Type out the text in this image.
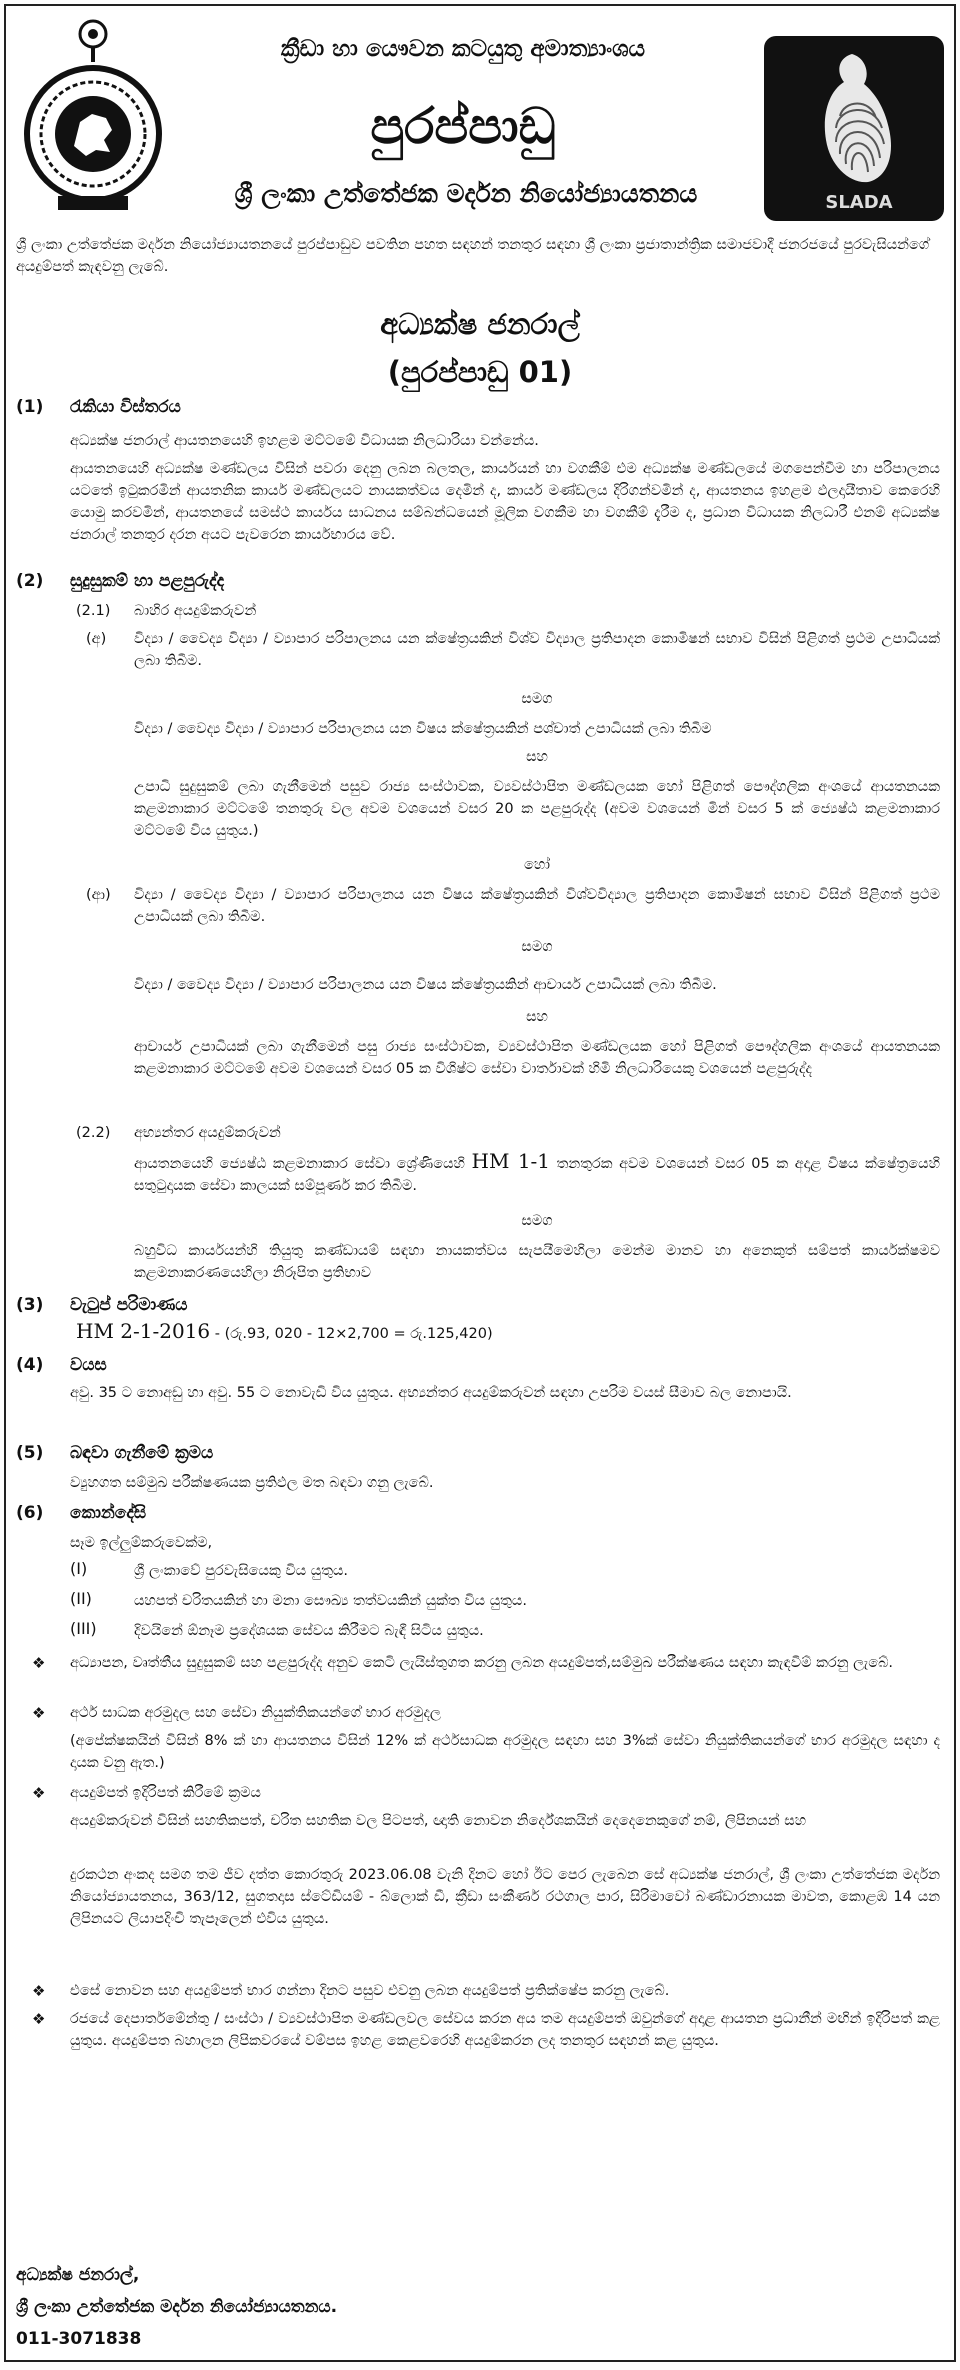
ක්‍රීඩා හා යෞවන කටයුතු අමාත්‍යාංශය
පුරප්පාඩු
ශ්‍රී ලංකා උත්තේජක මර්දන නියෝජ්‍යායතනය	SLADA
ශ්‍රී ලංකා උත්තේජක මර්දන නියෝජ්‍යායතනයේ පුරප්පාඩුව පවතින පහත සඳහන් තනතුර සඳහා ශ්‍රී ලංකා ප්‍රජාතාන්ත්‍රික සමාජවාදී ජනරජයේ පුරවැසියන්ගේ අයදුම්පත් කැඳවනු ලැබේ.
අධ්‍යක්ෂ ජනරාල්
(පුරප්පාඩු 01)
(1) රැකියා විස්තරය
අධ්‍යක්ෂ ජනරාල් ආයතනයෙහි ඉහළම මට්ටමේ විධායක නිලධාරියා වන්නේය.
ආයතනයෙහි අධ්‍යක්ෂ මණ්ඩලය විසින් පවරා දෙනු ලබන බලතල, කාර්යයන් හා වගකීම් එම අධ්‍යක්ෂ මණ්ඩලයේ මගපෙන්වීම හා පරිපාලනය යටතේ ඉටුකරමින් ආයතනික කාර්ය මණ්ඩලයට නායකත්වය දෙමින් ද, කාර්ය මණ්ඩලය දිරිගන්වමින් ද, ආයතනය ඉහළම ඵලදායීතාව කෙරෙහි යොමු කරවමින්, ආයතනයේ සමස්ථ කාර්යය සාධනය සම්බන්ධයෙන් මූලික වගකීම හා වගකීම් දැරීම ද, ප්‍රධාන විධායක නිලධාරී එනම් අධ්‍යක්ෂ ජනරාල් තනතුර දරන අයට පැවරෙන කාර්යභාරය වේ.
(2) සුදුසුකම් හා පළපුරුද්ද
(2.1) බාහිර අයදුම්කරුවන්
(අ) විද්‍යා / වෛද්‍ය විද්‍යා / ව්‍යාපාර පරිපාලනය යන ක්ෂේත්‍රයකින් විශ්ව විද්‍යාල ප්‍රතිපාදන කොමිෂන් සභාව විසින් පිළිගත් ප්‍රථම උපාධියක් ලබා තිබීම.
සමග
විද්‍යා / වෛද්‍ය විද්‍යා / ව්‍යාපාර පරිපාලනය යන විෂය ක්ෂේත්‍රයකින් පශ්චාත් උපාධියක් ලබා තිබීම
සහ
උපාධි සුදුසුකම් ලබා ගැනීමෙන් පසුව රාජ්‍ය සංස්ථාවක, ව්‍යවස්ථාපිත මණ්ඩලයක හෝ පිළිගත් පෞද්ගලික අංශයේ ආයතනයක කළමනාකාර මට්ටමේ තනතුරු වල අවම වශයෙන් වසර 20 ක පළපුරුද්ද (අවම වශයෙන් මින් වසර 5 ක් ජ්‍යෙෂ්ඨ කළමනාකාර මට්ටමේ විය යුතුය.)
හෝ
(ආ) විද්‍යා / වෛද්‍ය විද්‍යා / ව්‍යාපාර පරිපාලනය යන විෂය ක්ෂේත්‍රයකින් විශ්වවිද්‍යාල ප්‍රතිපාදන කොමිෂන් සභාව විසින් පිළිගත් ප්‍රථම උපාධියක් ලබා තිබීම.
සමග
විද්‍යා / වෛද්‍ය විද්‍යා / ව්‍යාපාර පරිපාලනය යන විෂය ක්ෂේත්‍රයකින් ආචාර්ය උපාධියක් ලබා තිබීම.
සහ
ආචාර්ය උපාධියක් ලබා ගැනීමෙන් පසු රාජ්‍ය සංස්ථාවක, ව්‍යවස්ථාපිත මණ්ඩලයක හෝ පිළිගත් පෞද්ගලික අංශයේ ආයතනයක කළමනාකාර මට්ටමේ අවම වශයෙන් වසර 05 ක විශිෂ්ට සේවා වාර්තාවක් හිමි නිලධාරියෙකු වශයෙන් පළපුරුද්ද
(2.2) අභ්‍යන්තර අයදුම්කරුවන්
ආයතනයෙහි ජ්‍යෙෂ්ඨ කළමනාකාර සේවා ශ්‍රේණියෙහි HM 1-1 තනතුරක අවම වශයෙන් වසර 05 ක අදාළ විෂය ක්ෂේත්‍රයෙහි සතුටුදායක සේවා කාලයක් සම්පූර්ණ කර තිබීම.
සමග
බහුවිධ කාර්යයන්හි තියුතු කණ්ඩායම් සඳහා නායකත්වය සැපයීමෙහිලා මෙන්ම මානව හා අනෙකුත් සම්පත් කාර්යක්ෂමව කළමනාකරණයෙහිලා නිරූපිත ප්‍රතිභාව
(3) වැටුප් පරිමාණය
HM 2-1-2016 - (රු.93, 020 - 12×2,700 = රු.125,420)
(4) වයස
අවු. 35 ට නොඅඩු හා අවු. 55 ට නොවැඩි විය යුතුය. අභ්‍යන්තර අයදුම්කරුවන් සඳහා උපරිම වයස් සීමාව බල නොපායි.
(5) බඳවා ගැනීමේ ක්‍රමය
ව්‍යුහගත සම්මුඛ පරීක්ෂණයක ප්‍රතිඵල මත බඳවා ගනු ලැබේ.
(6) කොන්දේසි
සෑම ඉල්ලුම්කරුවෙක්ම,
(I)	ශ්‍රී ලංකාවේ පුරවැසියෙකු විය යුතුය.
(II)	යහපත් චරිතයකින් හා මනා සෞඛ්‍ය තත්වයකින් යුක්ත විය යුතුය.
(III)	දිවයිනේ ඕනෑම ප්‍රදේශයක සේවය කිරීමට බැඳී සිටිය යුතුය.
❖ අධ්‍යාපන, වෘත්තීය සුදුසුකම් සහ පළපුරුද්ද අනුව කෙටි ලැයිස්තුගත කරනු ලබන අයදුම්පත්,සම්මුඛ පරීක්ෂණය සඳහා කැඳවීම් කරනු ලැබේ.
❖ අර්ථ සාධක අරමුදල සහ සේවා නියුක්තිකයන්ගේ භාර අරමුදල
(අපේක්ෂකයින් විසින් 8% ක් හා ආයතනය විසින් 12% ක් අර්ථසාධක අරමුදල සඳහා සහ 3%ක් සේවා නියුක්තිකයන්ගේ භාර අරමුදල සඳහා ද දායක වනු ඇත.)
❖ අයදුම්පත් ඉදිරිපත් කිරීමේ ක්‍රමය
අයදුම්කරුවන් විසින් සහතිකපත්, චරිත සහතික වල පිටපත්, ඥාති නොවන නිර්දේශකයින් දෙදෙනෙකුගේ නම්, ලිපිනයන් සහ
දුරකථන අංකද සමග තම ජීව දත්ත කොරතුරු 2023.06.08 වැනි දිනට හෝ ඊට පෙර ලැබෙන සේ අධ්‍යක්ෂ ජනරාල්, ශ්‍රී ලංකා උත්තේජක මර්දන නියෝජ්‍යායතනය, 363/12, සුගතදාස ස්ටේඩියම් - බ්ලොක් ඩී, ක්‍රීඩා සංකීර්ණ රථගාල පාර, සිරිමාවෝ බණ්ඩාරනායක මාවත, කොළඹ 14 යන ලිපිනයට ලියාපදිංචි තැපෑලෙන් එවිය යුතුය.
❖ එසේ නොවන සහ අයදුම්පත් භාර ගන්නා දිනට පසුව එවනු ලබන අයදුම්පත් ප්‍රතික්ෂේප කරනු ලැබේ.
❖ රජයේ දෙපාර්තමේන්තු / සංස්ථා / ව්‍යවස්ථාපිත මණ්ඩලවල සේවය කරන අය තම අයදුම්පත් ඔවුන්ගේ අදාළ ආයතන ප්‍රධානීන් මඟින් ඉදිරිපත් කළ යුතුය. අයදුම්පත බහාලන ලිපිකවරයේ වම්පස ඉහළ කෙළවරෙහි අයදුම්කරන ලද තනතුර සඳහන් කළ යුතුය.
අධ්‍යක්ෂ ජනරාල්,
ශ්‍රී ලංකා උත්තේජක මර්දන නියෝජ්‍යායතනය.
011-3071838
